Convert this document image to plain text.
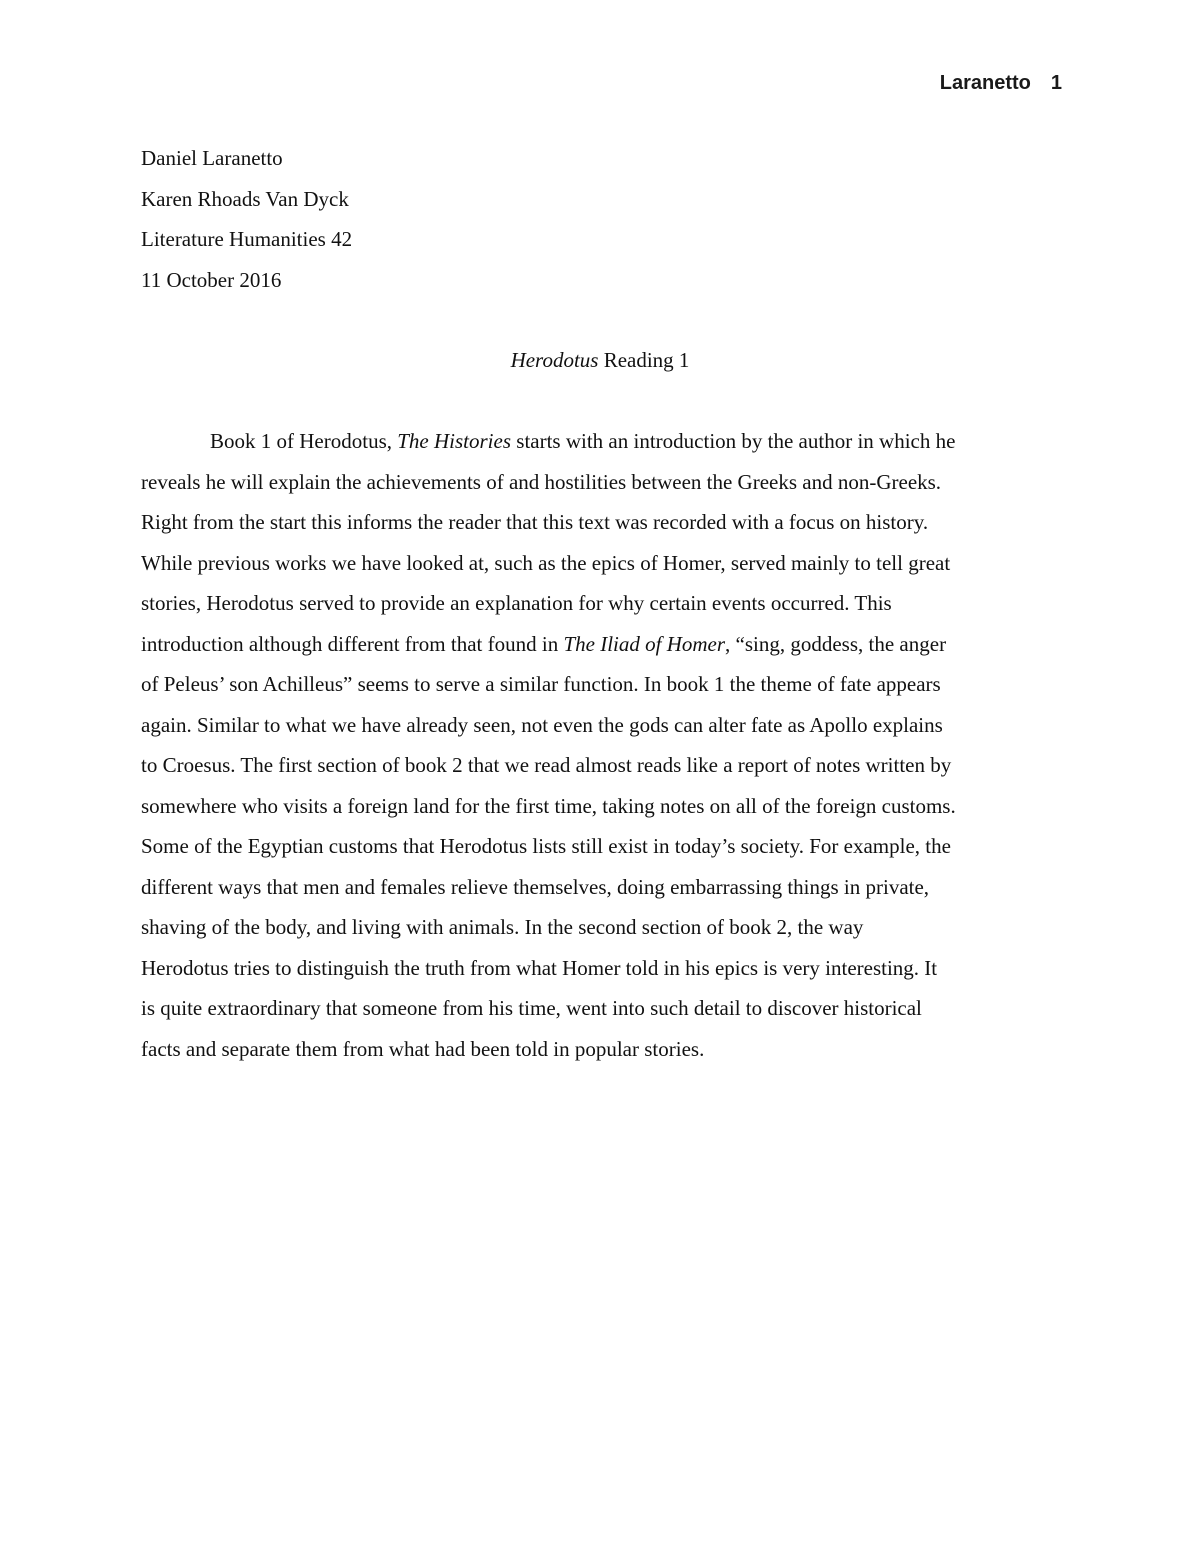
Laranetto 1
Daniel Laranetto
Karen Rhoads Van Dyck
Literature Humanities 42
11 October 2016
Herodotus Reading 1
Book 1 of Herodotus, The Histories starts with an introduction by the author in which he
reveals he will explain the achievements of and hostilities between the Greeks and non-Greeks.
Right from the start this informs the reader that this text was recorded with a focus on history.
While previous works we have looked at, such as the epics of Homer, served mainly to tell great
stories, Herodotus served to provide an explanation for why certain events occurred. This
introduction although different from that found in The Iliad of Homer, “sing, goddess, the anger
of Peleus’ son Achilleus” seems to serve a similar function. In book 1 the theme of fate appears
again. Similar to what we have already seen, not even the gods can alter fate as Apollo explains
to Croesus. The first section of book 2 that we read almost reads like a report of notes written by
somewhere who visits a foreign land for the first time, taking notes on all of the foreign customs.
Some of the Egyptian customs that Herodotus lists still exist in today’s society. For example, the
different ways that men and females relieve themselves, doing embarrassing things in private,
shaving of the body, and living with animals. In the second section of book 2, the way
Herodotus tries to distinguish the truth from what Homer told in his epics is very interesting. It
is quite extraordinary that someone from his time, went into such detail to discover historical
facts and separate them from what had been told in popular stories.
